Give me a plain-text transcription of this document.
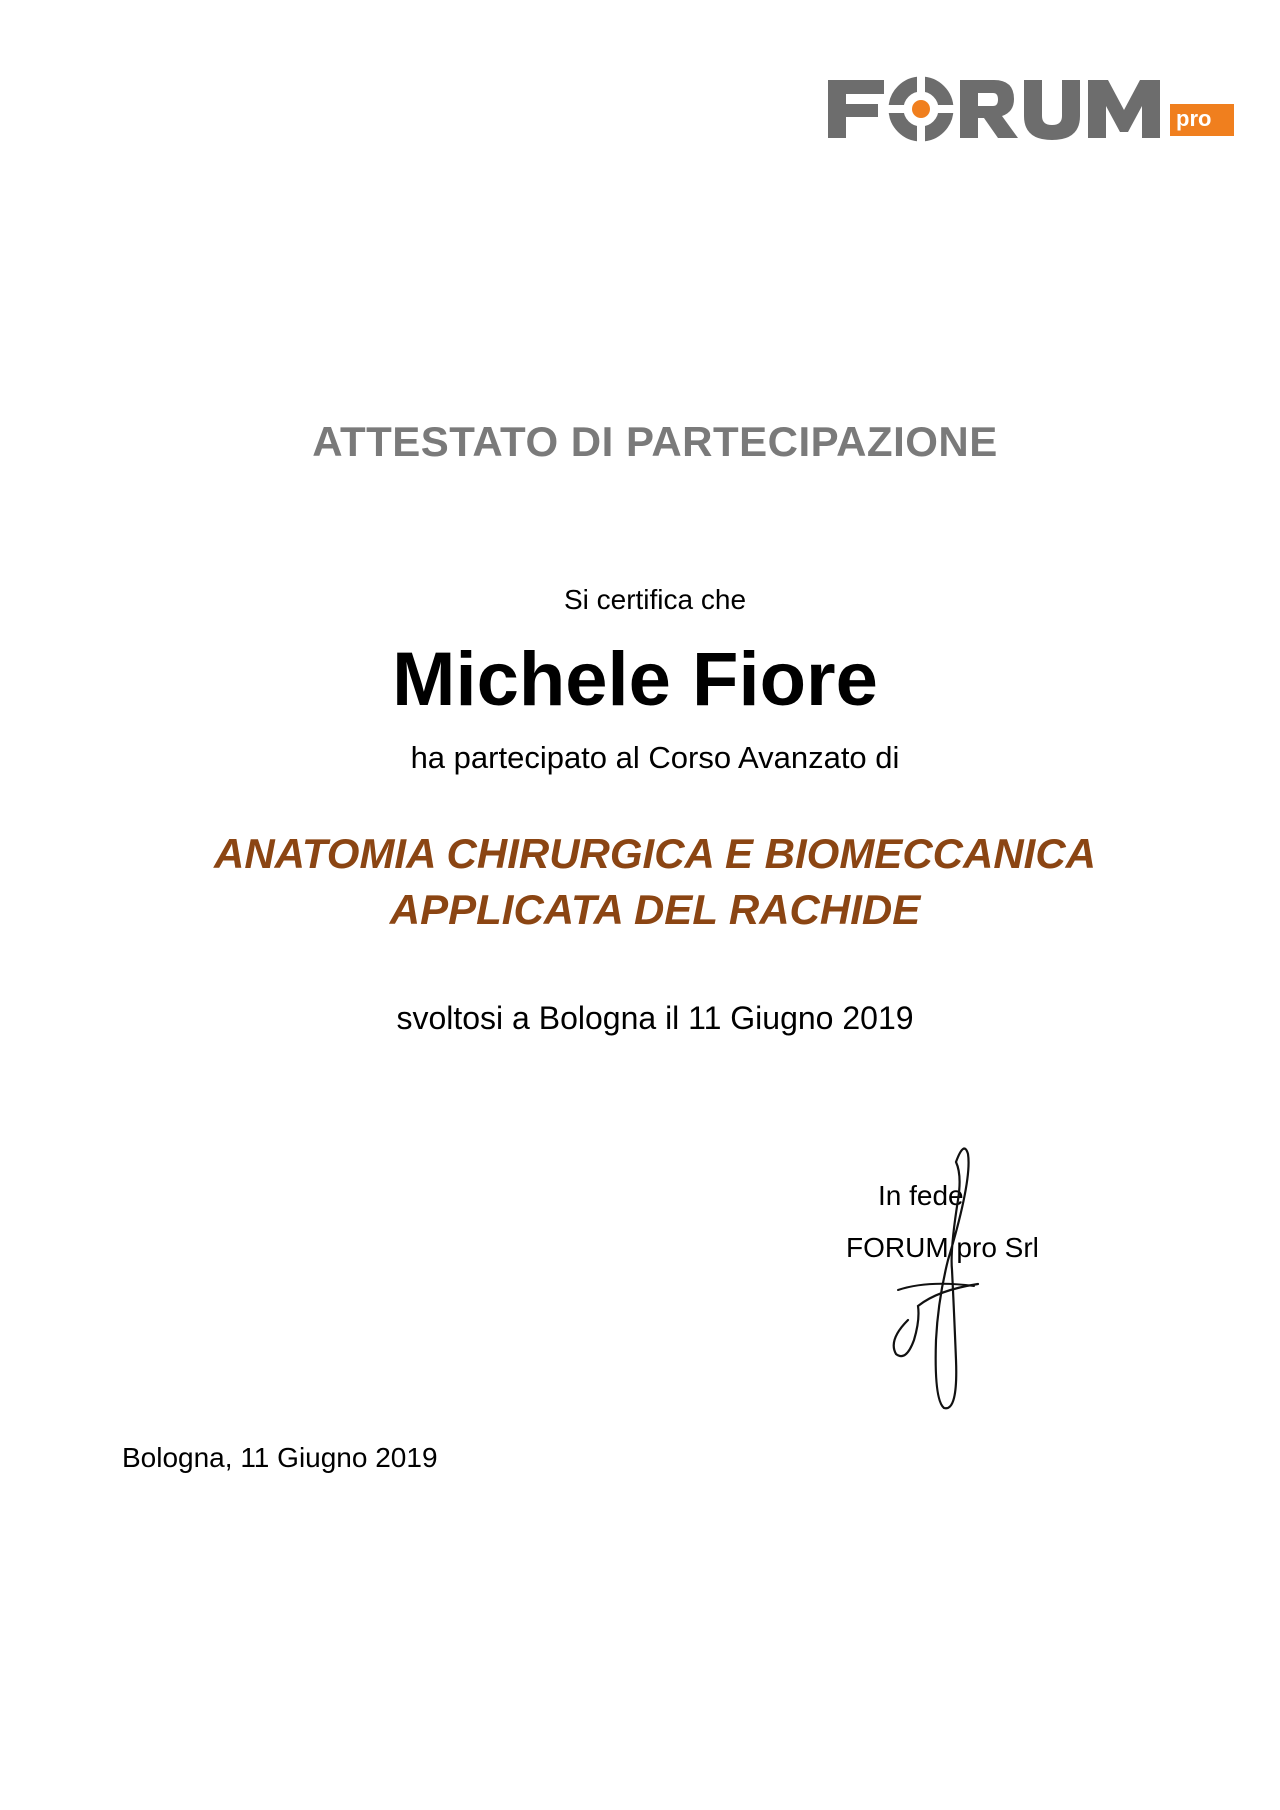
pro
ATTESTATO DI PARTECIPAZIONE
Si certifica che
Michele Fiore
ha partecipato al Corso Avanzato di
ANATOMIA CHIRURGICA E BIOMECCANICA
APPLICATA DEL RACHIDE
svoltosi a Bologna il 11 Giugno 2019
In fede
FORUM pro Srl
Bologna, 11 Giugno 2019
